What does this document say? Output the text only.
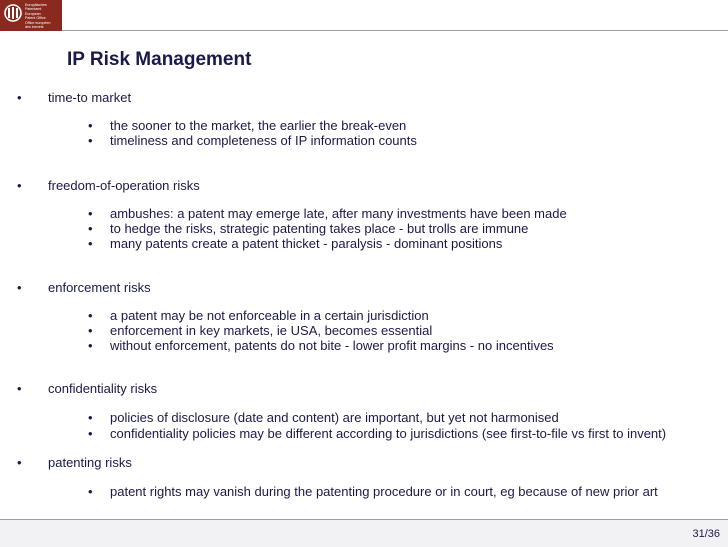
Europäisches
Patentamt
European
Patent Office
Office européen
des brevets
IP Risk Management
• time-to market
• the sooner to the market, the earlier the break-even
• timeliness and completeness of IP information counts
• freedom-of-operation risks
• ambushes: a patent may emerge late, after many investments have been made
• to hedge the risks, strategic patenting takes place - but trolls are immune
• many patents create a patent thicket - paralysis - dominant positions
• enforcement risks
• a patent may be not enforceable in a certain jurisdiction
• enforcement in key markets, ie USA, becomes essential
• without enforcement, patents do not bite - lower profit margins - no incentives
• confidentiality risks
• policies of disclosure (date and content) are important, but yet not harmonised
• confidentiality policies may be different according to jurisdictions (see first-to-file vs first to invent)
• patenting risks
• patent rights may vanish during the patenting procedure or in court, eg because of new prior art
31/36
